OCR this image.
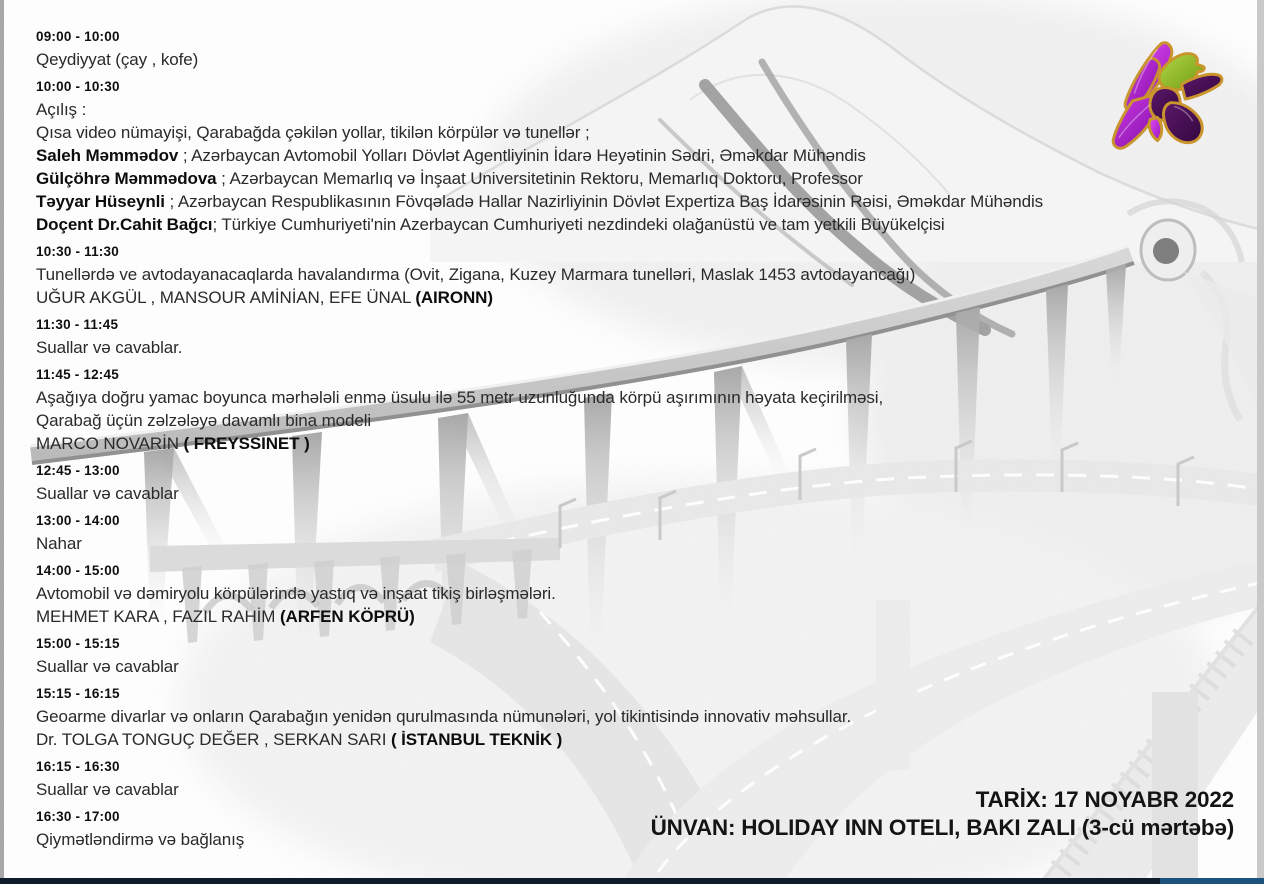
09:00 - 10:00
Qeydiyyat (çay , kofe)
10:00 - 10:30
Açılış :
Qısa video nümayişi, Qarabağda çəkilən yollar, tikilən körpülər və tunellər ;
Saleh Məmmədov ; Azərbaycan Avtomobil Yolları Dövlət Agentliyinin İdarə Heyətinin Sədri, Əməkdar Mühəndis
Gülçöhrə Məmmədova ; Azərbaycan Memarlıq və İnşaat Universitetinin Rektoru, Memarlıq Doktoru, Professor
Təyyar Hüseynli ; Azərbaycan Respublikasının Fövqəladə Hallar Nazirliyinin Dövlət Expertiza Baş İdarəsinin Rəisi, Əməkdar Mühəndis
Doçent Dr.Cahit Bağcı; Türkiye Cumhuriyeti'nin Azerbaycan Cumhuriyeti nezdindeki olağanüstü ve tam yetkili Büyükelçisi
10:30 - 11:30
Tunellərdə ve avtodayanacaqlarda havalandırma (Ovit, Zigana, Kuzey Marmara tunelləri, Maslak 1453 avtodayancağı)
UĞUR AKGÜL , MANSOUR AMİNİAN, EFE ÜNAL (AIRONN)
11:30 - 11:45
Suallar və cavablar.
11:45 - 12:45
Aşağıya doğru yamac boyunca mərhələli enmə üsulu ilə 55 metr uzunluğunda körpü aşırımının həyata keçirilməsi,
Qarabağ üçün zəlzələyə davamlı bina modeli
MARCO NOVARİN ( FREYSSINET )
12:45 - 13:00
Suallar və cavablar
13:00 - 14:00
Nahar
14:00 - 15:00
Avtomobil və dəmiryolu körpülərində yastıq və inşaat tikiş birləşmələri.
MEHMET KARA , FAZIL RAHİM (ARFEN KÖPRÜ)
15:00 - 15:15
Suallar və cavablar
15:15 - 16:15
Geoarme divarlar və onların Qarabağın yenidən qurulmasında nümunələri, yol tikintisində innovativ məhsullar.
Dr. TOLGA TONGUÇ DEĞER , SERKAN SARI ( İSTANBUL TEKNİK )
16:15 - 16:30
Suallar və cavablar
16:30 - 17:00
Qiymətləndirmə və bağlanış
TARİX: 17 NOYABR 2022
ÜNVAN: HOLIDAY INN OTELI, BAKI ZALI (3-cü mərtəbə)
